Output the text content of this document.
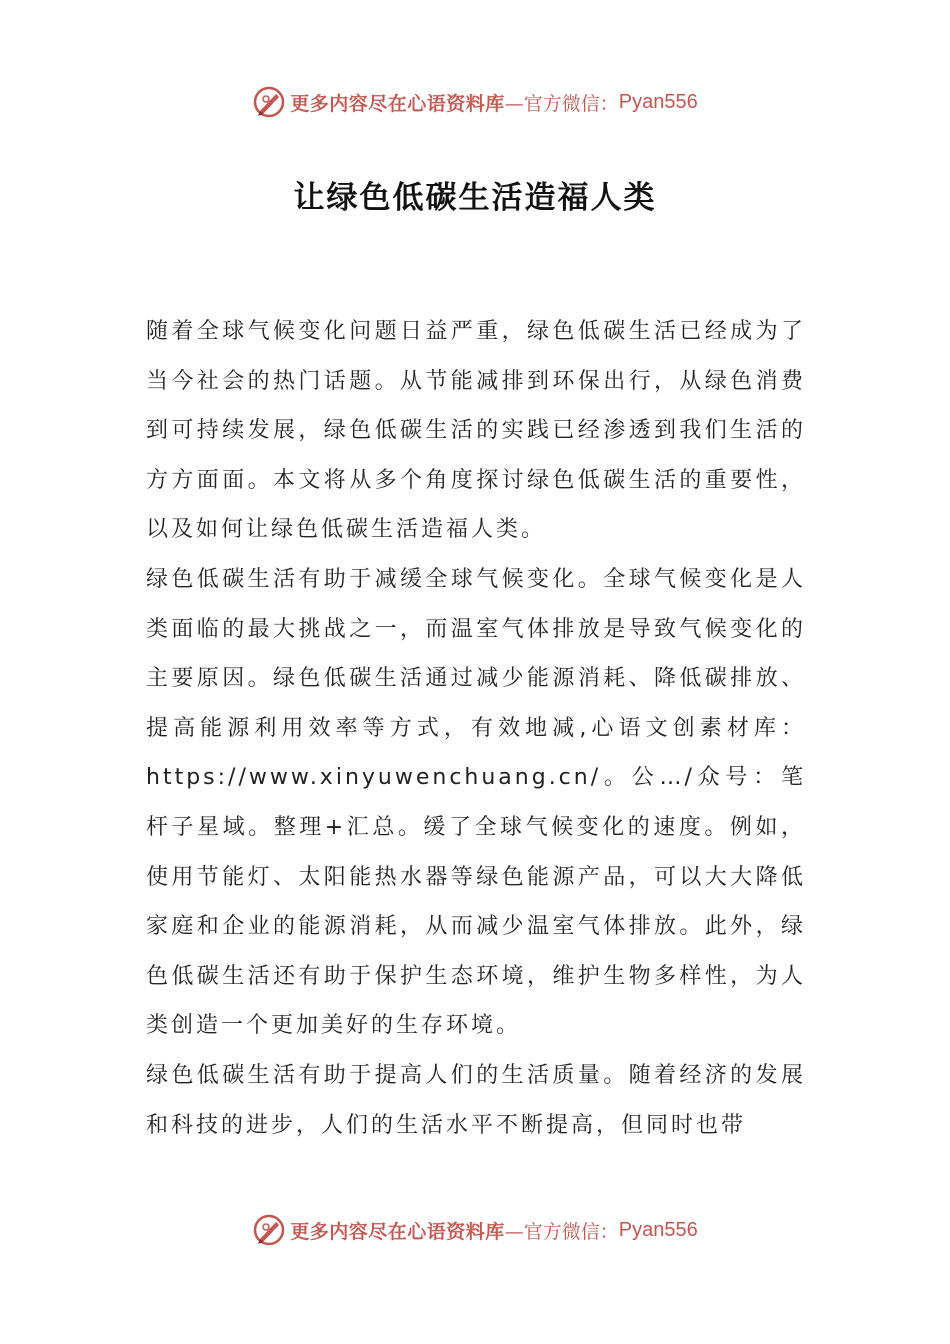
更多内容尽在心语资料库 —官方微信： Pyan556
让绿色低碳生活造福人类

随着全球气候变化问题日益严重，绿色低碳生活已经成为了当今社会的热门话题。从节能减排到环保出行，从绿色消费到可持续发展，绿色低碳生活的实践已经渗透到我们生活的方方面面。本文将从多个角度探讨绿色低碳生活的重要性，以及如何让绿色低碳生活造福人类。

绿色低碳生活有助于减缓全球气候变化。全球气候变化是人类面临的最大挑战之一，而温室气体排放是导致气候变化的主要原因。绿色低碳生活通过减少能源消耗、降低碳排放、提高能源利用效率等方式，有效地减,心语文创素材库：https://www.xinyuwenchuang.cn/。公…/众号：笔杆子星域。整理+汇总。缓了全球气候变化的速度。例如，使用节能灯、太阳能热水器等绿色能源产品，可以大大降低家庭和企业的能源消耗，从而减少温室气体排放。此外，绿色低碳生活还有助于保护生态环境，维护生物多样性，为人类创造一个更加美好的生存环境。

绿色低碳生活有助于提高人们的生活质量。随着经济的发展和科技的进步，人们的生活水平不断提高，但同时也带

更多内容尽在心语资料库 —官方微信： Pyan556
